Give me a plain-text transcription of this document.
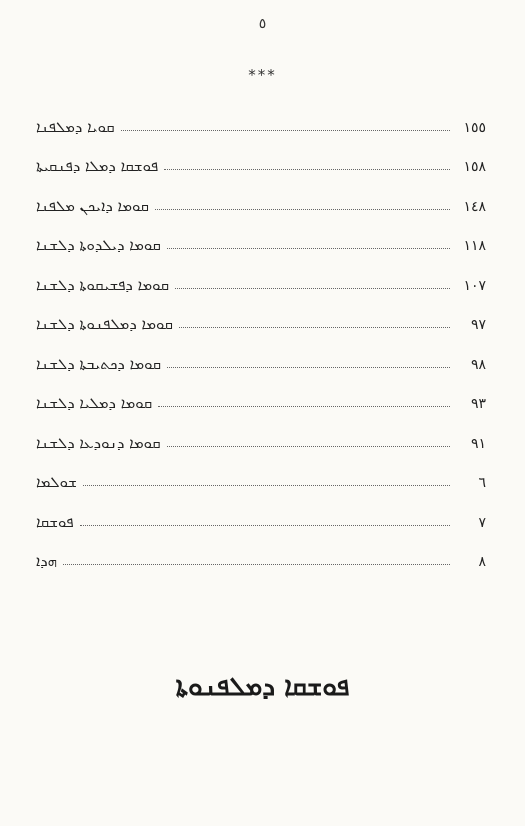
٥
***
ܩܘܝܐ ܕܡܠܦܢܐ	١٥٥
ܦܘܫܩܐ ܕܡܠܐ ܕܦܢܩܝܬܐ	١٥٨
ܩܘܡܐ ܕܐܝܟܢ ܡܠܦܢܐ	١٤٨
ܩܘܡܐ ܕܝܠܕܘܬܐ ܕܠܫܢܐ	١١٨
ܩܘܡܐ ܕܦܫܝܩܘܬܐ ܕܠܫܢܐ	١٠٧
ܩܘܡܐ ܕܡܠܦܢܘܬܐ ܕܠܫܢܐ	٩٧
ܩܘܡܐ ܕܟܬܝܒܬܐ ܕܠܫܢܐ	٩٨
ܩܘܡܐ ܕܡܠܝܐ ܕܠܫܢܐ	٩٣
ܩܘܡܐ ܕܢܘܕܥܐ ܕܠܫܢܐ	٩١
ܫܘܠܡܐ	٦
ܦܘܫܩܐ	٧
ܗܕܐ	٨
ܦܘܫܩܐ ܕܡܠܦܢܘܬܐ
